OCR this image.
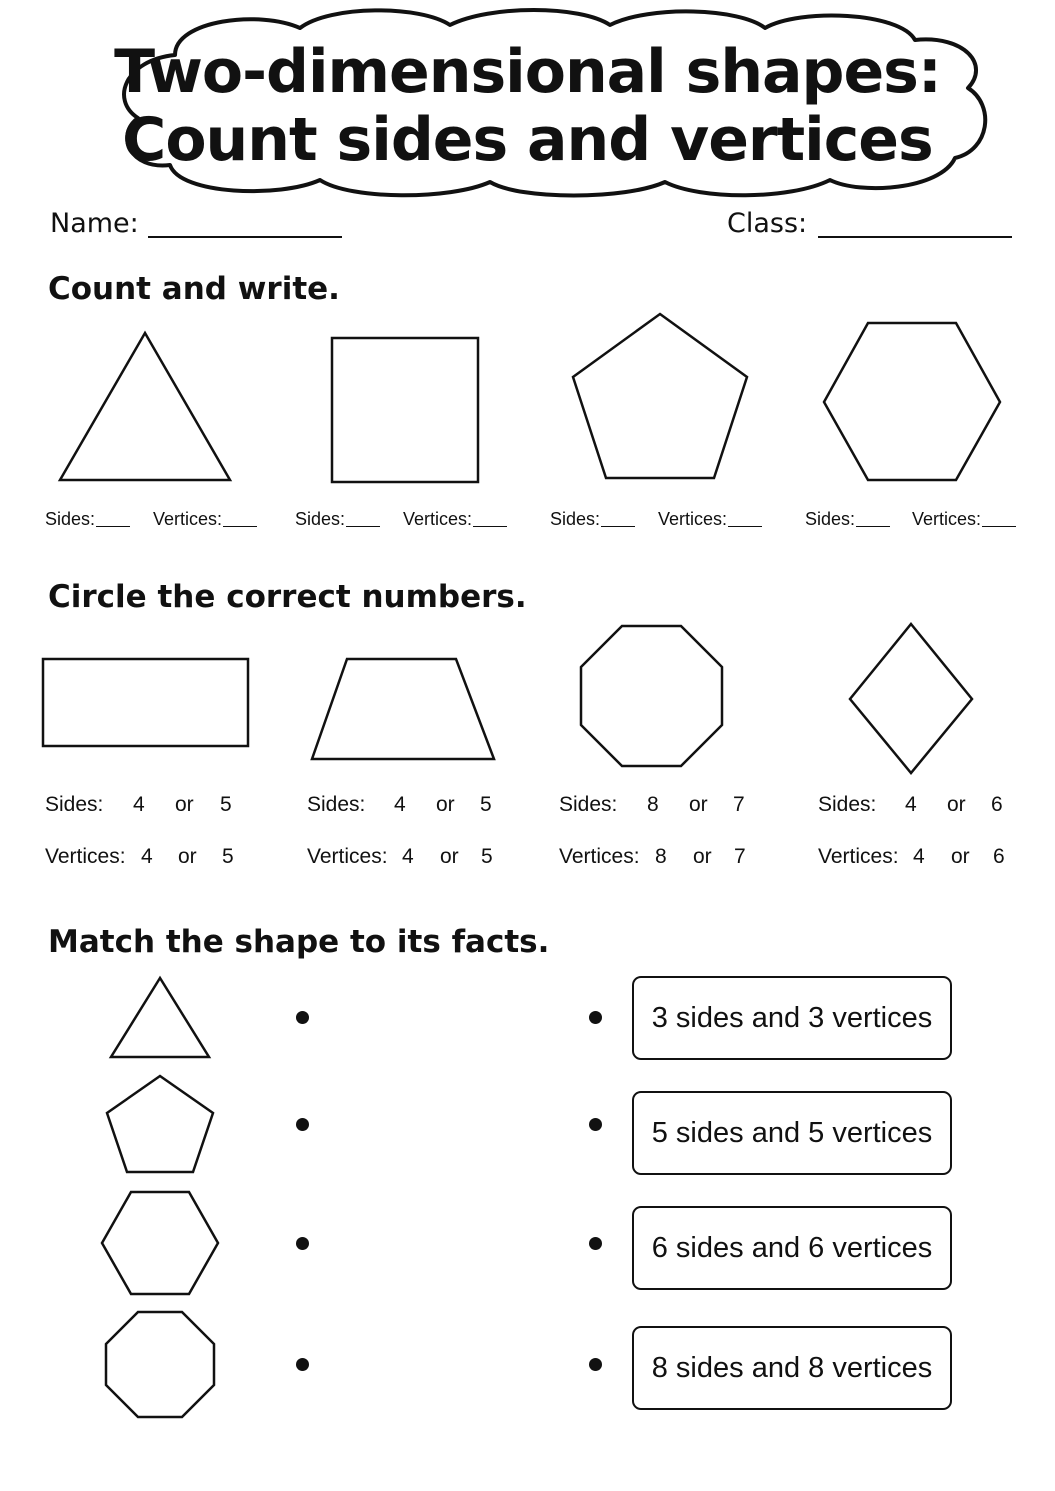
Two-dimensional shapes:
Count sides and vertices
Name:	Class:
Count and write.
Sides:	Vertices:	Sides:	Vertices:	Sides:	Vertices:	Sides:	Vertices:
Circle the correct numbers.
Sides: 4 or 5
Vertices: 4 or 5
Sides: 4 or 5
Vertices: 4 or 5
Sides: 8 or 7
Vertices: 8 or 7
Sides: 4 or 6
Vertices: 4 or 6
Match the shape to its facts.
3 sides and 3 vertices
5 sides and 5 vertices
6 sides and 6 vertices
8 sides and 8 vertices
